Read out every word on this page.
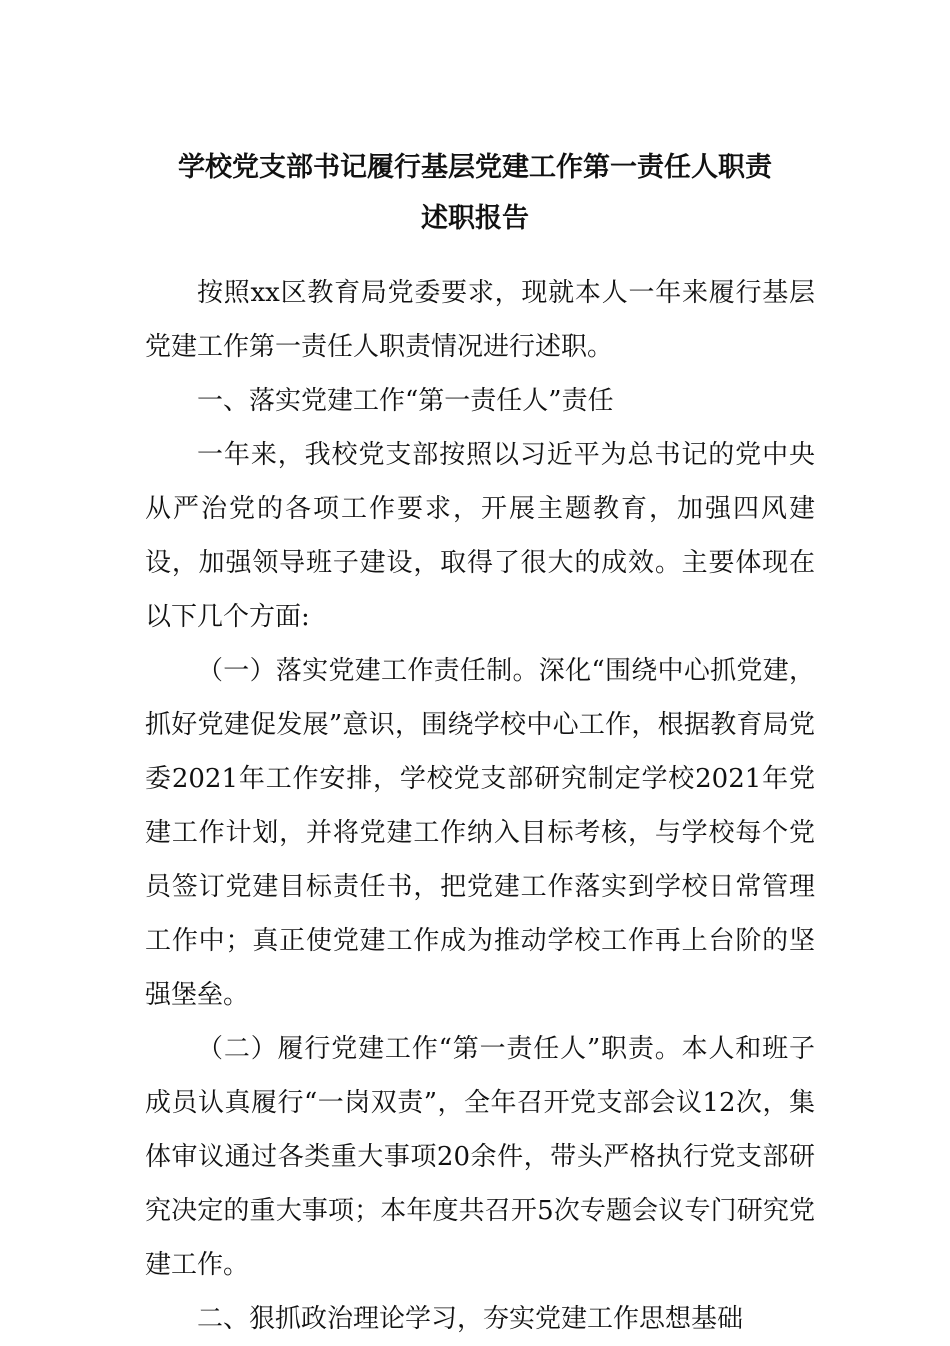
学校党支部书记履行基层党建工作第一责任人职责
述职报告

按照xx区教育局党委要求，现就本人一年来履行基层党建工作第一责任人职责情况进行述职。

一、落实党建工作“第一责任人”责任

一年来，我校党支部按照以习近平为总书记的党中央从严治党的各项工作要求，开展主题教育，加强四风建设，加强领导班子建设，取得了很大的成效。主要体现在以下几个方面:

（一）落实党建工作责任制。深化“围绕中心抓党建，抓好党建促发展”意识，围绕学校中心工作，根据教育局党委2021年工作安排，学校党支部研究制定学校2021年党建工作计划，并将党建工作纳入目标考核，与学校每个党员签订党建目标责任书，把党建工作落实到学校日常管理工作中；真正使党建工作成为推动学校工作再上台阶的坚强堡垒。

（二）履行党建工作“第一责任人”职责。本人和班子成员认真履行“一岗双责”，全年召开党支部会议12次，集体审议通过各类重大事项20余件，带头严格执行党支部研究决定的重大事项；本年度共召开5次专题会议专门研究党建工作。

二、狠抓政治理论学习，夯实党建工作思想基础
